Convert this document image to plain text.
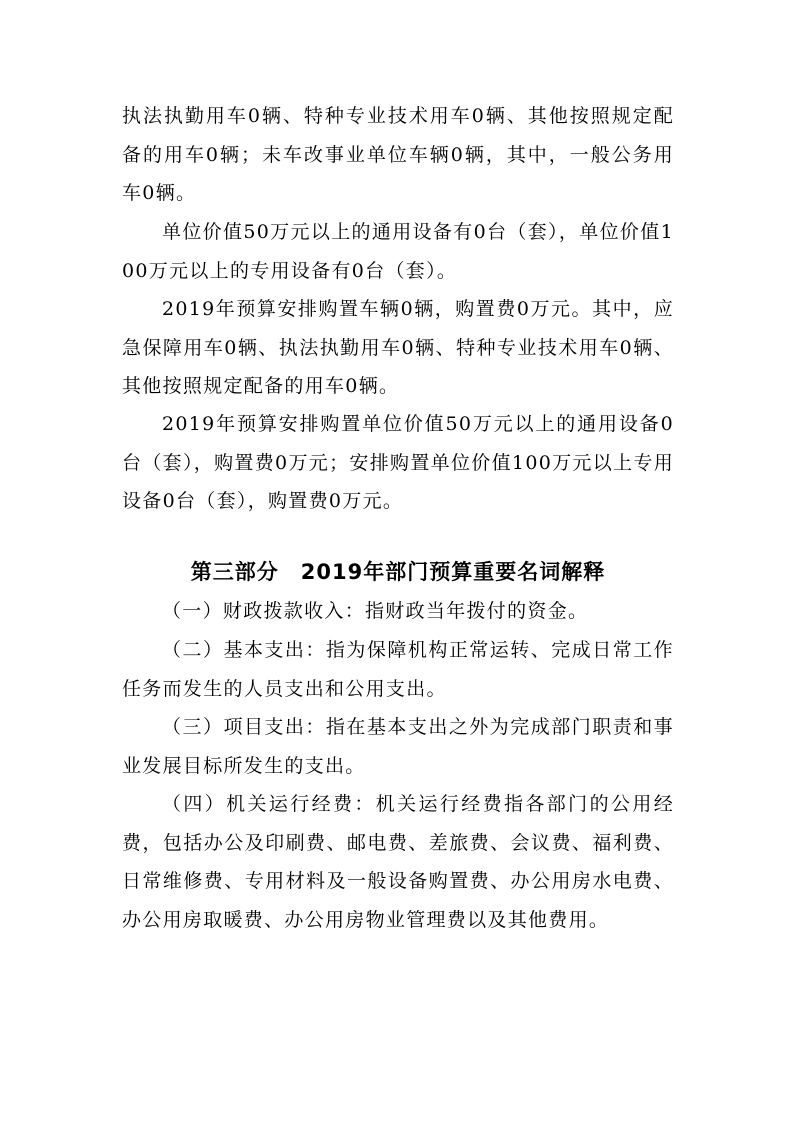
执法执勤用车0辆、特种专业技术用车0辆、其他按照规定配备的用车0辆；未车改事业单位车辆0辆，其中，一般公务用车0辆。

单位价值50万元以上的通用设备有0台（套），单位价值100万元以上的专用设备有0台（套）。

2019年预算安排购置车辆0辆，购置费0万元。其中，应急保障用车0辆、执法执勤用车0辆、特种专业技术用车0辆、其他按照规定配备的用车0辆。

2019年预算安排购置单位价值50万元以上的通用设备0台（套），购置费0万元；安排购置单位价值100万元以上专用设备0台（套），购置费0万元。

第三部分　2019年部门预算重要名词解释

（一）财政拨款收入：指财政当年拨付的资金。

（二）基本支出：指为保障机构正常运转、完成日常工作任务而发生的人员支出和公用支出。

（三）项目支出：指在基本支出之外为完成部门职责和事业发展目标所发生的支出。

（四）机关运行经费：机关运行经费指各部门的公用经费，包括办公及印刷费、邮电费、差旅费、会议费、福利费、日常维修费、专用材料及一般设备购置费、办公用房水电费、办公用房取暖费、办公用房物业管理费以及其他费用。
